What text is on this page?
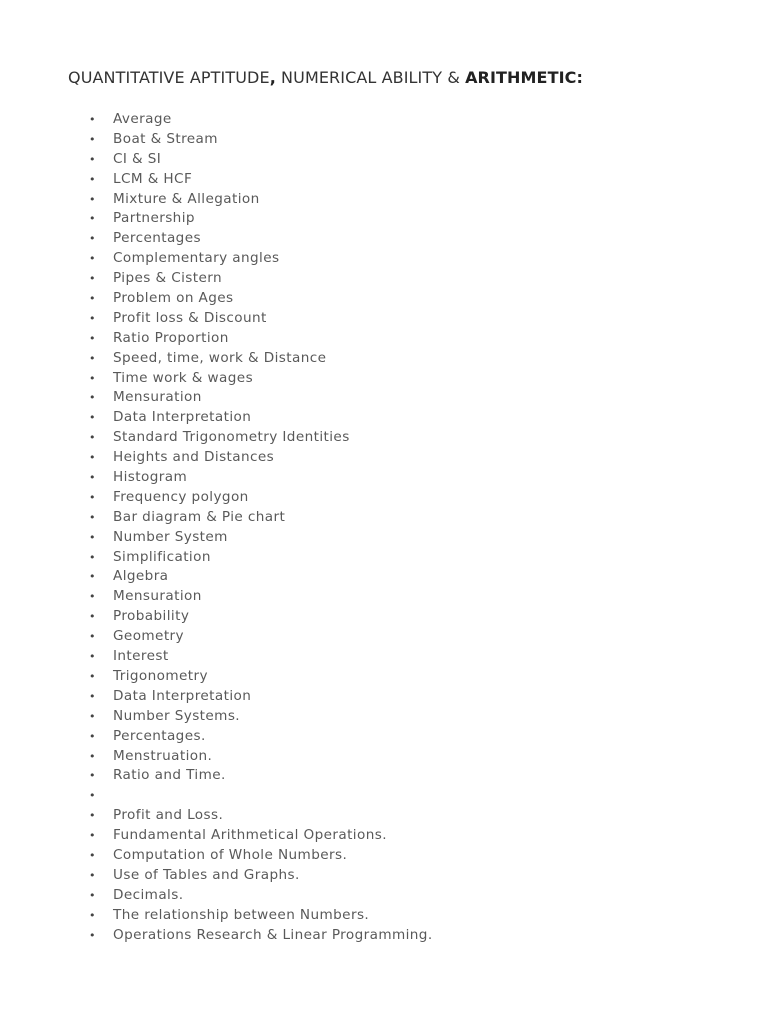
QUANTITATIVE APTITUDE, NUMERICAL ABILITY & ARITHMETIC:
• Average
• Boat & Stream
• CI & SI
• LCM & HCF
• Mixture & Allegation
• Partnership
• Percentages
• Complementary angles
• Pipes & Cistern
• Problem on Ages
• Profit loss & Discount
• Ratio Proportion
• Speed, time, work & Distance
• Time work & wages
• Mensuration
• Data Interpretation
• Standard Trigonometry Identities
• Heights and Distances
• Histogram
• Frequency polygon
• Bar diagram & Pie chart
• Number System
• Simplification
• Algebra
• Mensuration
• Probability
• Geometry
• Interest
• Trigonometry
• Data Interpretation
• Number Systems.
• Percentages.
• Menstruation.
• Ratio and Time.
•
• Profit and Loss.
• Fundamental Arithmetical Operations.
• Computation of Whole Numbers.
• Use of Tables and Graphs.
• Decimals.
• The relationship between Numbers.
• Operations Research & Linear Programming.
